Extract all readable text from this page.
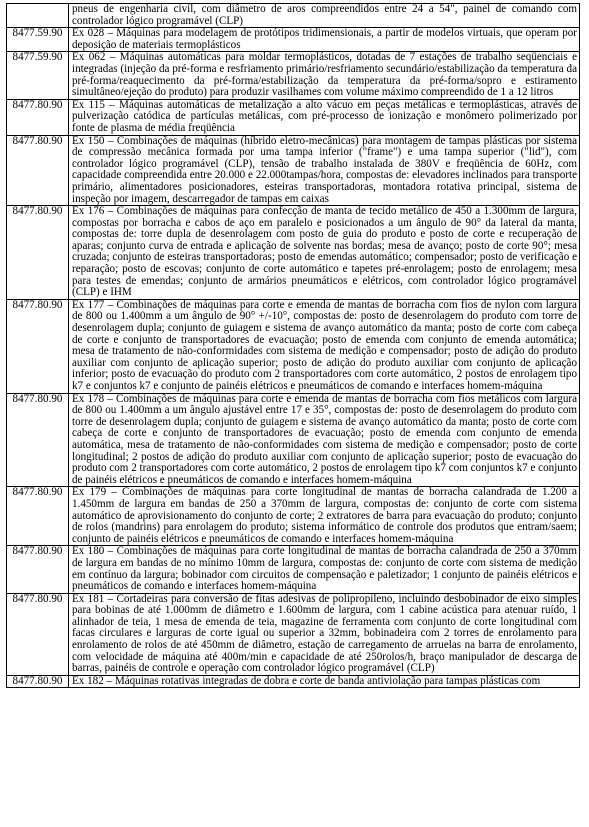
	pneus de engenharia civil, com diâmetro de aros compreendidos entre 24 a 54", painel de comando com controlador lógico programável (CLP)
8477.59.90	Ex 028 – Máquinas para modelagem de protótipos tridimensionais, a partir de modelos virtuais, que operam por deposição de materiais termoplásticos
8477.59.90	Ex 062 – Máquinas automáticas para moldar termoplásticos, dotadas de 7 estações de trabalho seqüenciais e integradas (injeção da pré-forma e resfriamento primário/resfriamento secundário/estabilização da temperatura da pré-forma/reaquecimento da pré-forma/estabilização da temperatura da pré-forma/sopro e estiramento simultâneo/ejeção do produto) para produzir vasilhames com volume máximo compreendido de 1 a 12 litros
8477.80.90	Ex 115 – Máquinas automáticas de metalização a alto vácuo em peças metálicas e termoplásticas, através de pulverização catódica de partículas metálicas, com pré-processo de ionização e monômero polimerizado por fonte de plasma de média freqüência
8477.80.90	Ex 150 – Combinações de máquinas (híbrido eletro-mecânicas) para montagem de tampas plásticas por sistema de compressão mecânica formada por uma tampa inferior ("frame") e uma tampa superior ("lid"), com controlador lógico programável (CLP), tensão de trabalho instalada de 380V e freqüência de 60Hz, com capacidade compreendida entre 20.000 e 22.000tampas/hora, compostas de: elevadores inclinados para transporte primário, alimentadores posicionadores, esteiras transportadoras, montadora rotativa principal, sistema de inspeção por imagem, descarregador de tampas em caixas
8477.80.90	Ex 176 – Combinações de máquinas para confecção de manta de tecido metálico de 450 a 1.300mm de largura, compostas por borracha e cabos de aço em paralelo e posicionados a um ângulo de 90° da lateral da manta, compostas de: torre dupla de desenrolagem com posto de guia do produto e posto de corte e recuperação de aparas; conjunto curva de entrada e aplicação de solvente nas bordas; mesa de avanço; posto de corte 90°; mesa cruzada; conjunto de esteiras transportadoras; posto de emendas automático; compensador; posto de verificação e reparação; posto de escovas; conjunto de corte automático e tapetes pré-enrolagem; posto de enrolagem; mesa para testes de emendas; conjunto de armários pneumáticos e elétricos, com controlador lógico programável (CLP) e IHM
8477.80.90	Ex 177 – Combinações de máquinas para corte e emenda de mantas de borracha com fios de nylon com largura de 800 ou 1.400mm a um ângulo de 90° +/-10°, compostas de: posto de desenrolagem do produto com torre de desenrolagem dupla; conjunto de guiagem e sistema de avanço automático da manta; posto de corte com cabeça de corte e conjunto de transportadores de evacuação; posto de emenda com conjunto de emenda automática; mesa de tratamento de não-conformidades com sistema de medição e compensador; posto de adição do produto auxiliar com conjunto de aplicação superior; posto de adição do produto auxiliar com conjunto de aplicação inferior; posto de evacuação do produto com 2 transportadores com corte automático, 2 postos de enrolagem tipo k7 e conjuntos k7 e conjunto de painéis elétricos e pneumáticos de comando e interfaces homem-máquina
8477.80.90	Ex 178 – Combinações de máquinas para corte e emenda de mantas de borracha com fios metálicos com largura de 800 ou 1.400mm a um ângulo ajustável entre 17 e 35°, compostas de: posto de desenrolagem do produto com torre de desenrolagem dupla; conjunto de guiagem e sistema de avanço automático da manta; posto de corte com cabeça de corte e conjunto de transportadores de evacuação; posto de emenda com conjunto de emenda automática, mesa de tratamento de não-conformidades com sistema de medição e compensador; posto de corte longitudinal; 2 postos de adição do produto auxiliar com conjunto de aplicação superior; posto de evacuação do produto com 2 transportadores com corte automático, 2 postos de enrolagem tipo k7 com conjuntos k7 e conjunto de painéis elétricos e pneumáticos de comando e interfaces homem-máquina
8477.80.90	Ex 179 – Combinações de máquinas para corte longitudinal de mantas de borracha calandrada de 1.200 a 1.450mm de largura em bandas de 250 a 370mm de largura, compostas de: conjunto de corte com sistema automático de aprovisionamento do conjunto de corte; 2 extratores de barra para evacuação do produto; conjunto de rolos (mandrins) para enrolagem do produto; sistema informático de controle dos produtos que entram/saem; conjunto de painéis elétricos e pneumáticos de comando e interfaces homem-máquina
8477.80.90	Ex 180 – Combinações de máquinas para corte longitudinal de mantas de borracha calandrada de 250 a 370mm de largura em bandas de no mínimo 10mm de largura, compostas de: conjunto de corte com sistema de medição em contínuo da largura; bobinador com circuitos de compensação e paletizador; 1 conjunto de painéis elétricos e pneumáticos de comando e interfaces homem-máquina
8477.80.90	Ex 181 – Cortadeiras para conversão de fitas adesivas de polipropileno, incluindo desbobinador de eixo simples para bobinas de até 1.000mm de diâmetro e 1.600mm de largura, com 1 cabine acústica para atenuar ruído, 1 alinhador de teia, 1 mesa de emenda de teia, magazine de ferramenta com conjunto de corte longitudinal com facas circulares e larguras de corte igual ou superior a 32mm, bobinadeira com 2 torres de enrolamento para enrolamento de rolos de até 450mm de diâmetro, estação de carregamento de arruelas na barra de enrolamento, com velocidade de máquina até 400m/min e capacidade de até 250rolos/h, braço manipulador de descarga de barras, painéis de controle e operação com controlador lógico programável (CLP)
8477.80.90	Ex 182 – Máquinas rotativas integradas de dobra e corte de banda antiviolação para tampas plásticas com
